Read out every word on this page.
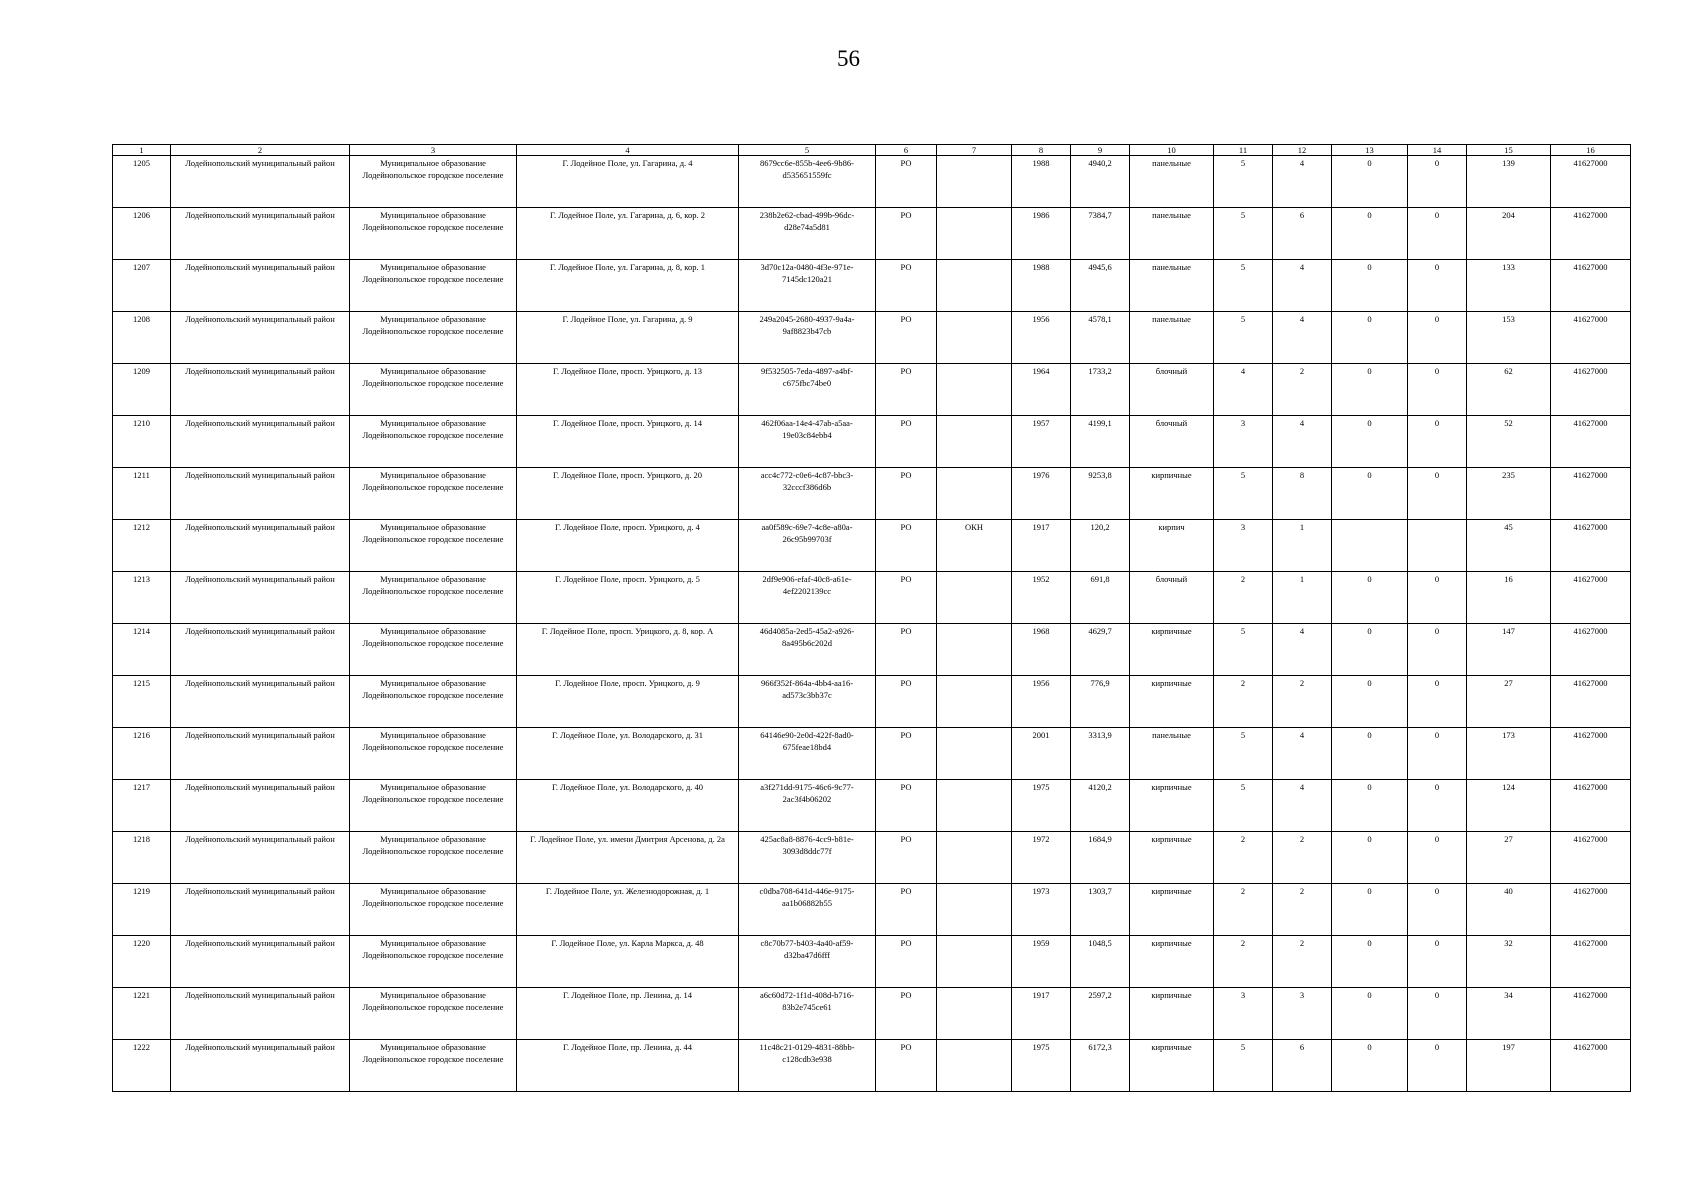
56
1	2	3	4	5	6	7	8	9	10	11	12	13	14	15	16
1205	Лодейнопольский муниципальный район	Муниципальное образование Лодейнопольское городское поселение	Г. Лодейное Поле, ул. Гагарина, д. 4	8679cc6e-855b-4ee6-9b86-d535651559fc	РО		1988	4940,2	панельные	5	4	0	0	139	41627000
1206	Лодейнопольский муниципальный район	Муниципальное образование Лодейнопольское городское поселение	Г. Лодейное Поле, ул. Гагарина, д. 6, кор. 2	238b2e62-cbad-499b-96dc-d28e74a5d81	РО		1986	7384,7	панельные	5	6	0	0	204	41627000
1207	Лодейнопольский муниципальный район	Муниципальное образование Лодейнопольское городское поселение	Г. Лодейное Поле, ул. Гагарина, д. 8, кор. 1	3d70c12a-0480-4f3e-971e-7145dc120a21	РО		1988	4945,6	панельные	5	4	0	0	133	41627000
1208	Лодейнопольский муниципальный район	Муниципальное образование Лодейнопольское городское поселение	Г. Лодейное Поле, ул. Гагарина, д. 9	249a2045-2680-4937-9a4a-9af8823b47cb	РО		1956	4578,1	панельные	5	4	0	0	153	41627000
1209	Лодейнопольский муниципальный район	Муниципальное образование Лодейнопольское городское поселение	Г. Лодейное Поле, просп. Урицкого, д. 13	9f532505-7eda-4897-a4bf-c675fbc74be0	РО		1964	1733,2	блочный	4	2	0	0	62	41627000
1210	Лодейнопольский муниципальный район	Муниципальное образование Лодейнопольское городское поселение	Г. Лодейное Поле, просп. Урицкого, д. 14	462f06aa-14e4-47ab-a5aa-19e03c84ebb4	РО		1957	4199,1	блочный	3	4	0	0	52	41627000
1211	Лодейнопольский муниципальный район	Муниципальное образование Лодейнопольское городское поселение	Г. Лодейное Поле, просп. Урицкого, д. 20	acc4c772-c0e6-4c87-bbc3-32cccf386d6b	РО		1976	9253,8	кирпичные	5	8	0	0	235	41627000
1212	Лодейнопольский муниципальный район	Муниципальное образование Лодейнопольское городское поселение	Г. Лодейное Поле, просп. Урицкого, д. 4	aa0f589c-69e7-4c8e-a80a-26c95b99703f	РО	ОКН	1917	120,2	кирпич	3	1			45	41627000
1213	Лодейнопольский муниципальный район	Муниципальное образование Лодейнопольское городское поселение	Г. Лодейное Поле, просп. Урицкого, д. 5	2df9e906-efaf-40c8-a61e-4ef2202139cc	РО		1952	691,8	блочный	2	1	0	0	16	41627000
1214	Лодейнопольский муниципальный район	Муниципальное образование Лодейнопольское городское поселение	Г. Лодейное Поле, просп. Урицкого, д. 8, кор. А	46d4085a-2ed5-45a2-a926-8a495b6c202d	РО		1968	4629,7	кирпичные	5	4	0	0	147	41627000
1215	Лодейнопольский муниципальный район	Муниципальное образование Лодейнопольское городское поселение	Г. Лодейное Поле, просп. Урицкого, д. 9	966f352f-864a-4bb4-aa16-ad573c3bb37c	РО		1956	776,9	кирпичные	2	2	0	0	27	41627000
1216	Лодейнопольский муниципальный район	Муниципальное образование Лодейнопольское городское поселение	Г. Лодейное Поле, ул. Володарского, д. 31	64146e90-2e0d-422f-8ad0-675feae18bd4	РО		2001	3313,9	панельные	5	4	0	0	173	41627000
1217	Лодейнопольский муниципальный район	Муниципальное образование Лодейнопольское городское поселение	Г. Лодейное Поле, ул. Володарского, д. 40	a3f271dd-9175-46c6-9c77-2ac3f4b06202	РО		1975	4120,2	кирпичные	5	4	0	0	124	41627000
1218	Лодейнопольский муниципальный район	Муниципальное образование Лодейнопольское городское поселение	Г. Лодейное Поле, ул. имени Дмитрия Арсенова, д. 2а	425ac8a8-8876-4cc9-b81e-3093d8ddc77f	РО		1972	1684,9	кирпичные	2	2	0	0	27	41627000
1219	Лодейнопольский муниципальный район	Муниципальное образование Лодейнопольское городское поселение	Г. Лодейное Поле, ул. Железнодорожная, д. 1	c0dba708-641d-446e-9175-aa1b06882b55	РО		1973	1303,7	кирпичные	2	2	0	0	40	41627000
1220	Лодейнопольский муниципальный район	Муниципальное образование Лодейнопольское городское поселение	Г. Лодейное Поле, ул. Карла Маркса, д. 48	c8c70b77-b403-4a40-af59-d32ba47d6fff	РО		1959	1048,5	кирпичные	2	2	0	0	32	41627000
1221	Лодейнопольский муниципальный район	Муниципальное образование Лодейнопольское городское поселение	Г. Лодейное Поле, пр. Ленина, д. 14	a6c60d72-1f1d-408d-b716-83b2e745ce61	РО		1917	2597,2	кирпичные	3	3	0	0	34	41627000
1222	Лодейнопольский муниципальный район	Муниципальное образование Лодейнопольское городское поселение	Г. Лодейное Поле, пр. Ленина, д. 44	11c48c21-0129-4831-88bb-c128cdb3e938	РО		1975	6172,3	кирпичные	5	6	0	0	197	41627000
